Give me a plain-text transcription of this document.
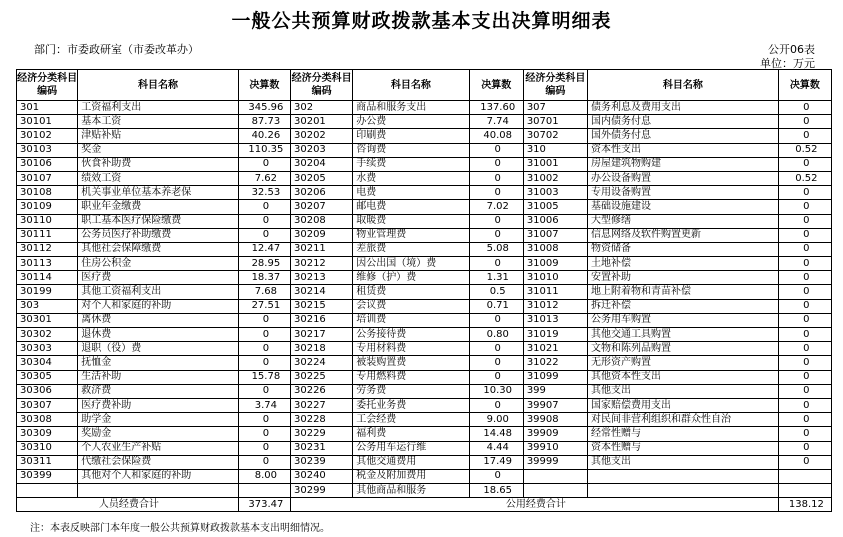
一般公共预算财政拨款基本支出决算明细表
部门：市委政研室（市委改革办）	公开06表
单位：万元
经济分类科目编码	科目名称	决算数	经济分类科目编码	科目名称	决算数	经济分类科目编码	科目名称	决算数
301	工资福利支出	345.96	302	商品和服务支出	137.60	307	债务利息及费用支出	0
30101	基本工资	87.73	30201	办公费	7.74	30701	国内债务付息	0
30102	津贴补贴	40.26	30202	印刷费	40.08	30702	国外债务付息	0
30103	奖金	110.35	30203	咨询费	0	310	资本性支出	0.52
30106	伙食补助费	0	30204	手续费	0	31001	房屋建筑物购建	0
30107	绩效工资	7.62	30205	水费	0	31002	办公设备购置	0.52
30108	机关事业单位基本养老保	32.53	30206	电费	0	31003	专用设备购置	0
30109	职业年金缴费	0	30207	邮电费	7.02	31005	基础设施建设	0
30110	职工基本医疗保险缴费	0	30208	取暖费	0	31006	大型修缮	0
30111	公务员医疗补助缴费	0	30209	物业管理费	0	31007	信息网络及软件购置更新	0
30112	其他社会保障缴费	12.47	30211	差旅费	5.08	31008	物资储备	0
30113	住房公积金	28.95	30212	因公出国（境）费	0	31009	土地补偿	0
30114	医疗费	18.37	30213	维修（护）费	1.31	31010	安置补助	0
30199	其他工资福利支出	7.68	30214	租赁费	0.5	31011	地上附着物和青苗补偿	0
303	对个人和家庭的补助	27.51	30215	会议费	0.71	31012	拆迁补偿	0
30301	离休费	0	30216	培训费	0	31013	公务用车购置	0
30302	退休费	0	30217	公务接待费	0.80	31019	其他交通工具购置	0
30303	退职（役）费	0	30218	专用材料费	0	31021	文物和陈列品购置	0
30304	抚恤金	0	30224	被装购置费	0	31022	无形资产购置	0
30305	生活补助	15.78	30225	专用燃料费	0	31099	其他资本性支出	0
30306	救济费	0	30226	劳务费	10.30	399	其他支出	0
30307	医疗费补助	3.74	30227	委托业务费	0	39907	国家赔偿费用支出	0
30308	助学金	0	30228	工会经费	9.00	39908	对民间非营利组织和群众性自治	0
30309	奖励金	0	30229	福利费	14.48	39909	经常性赠与	0
30310	个人农业生产补贴	0	30231	公务用车运行维	4.44	39910	资本性赠与	0
30311	代缴社会保险费	0	30239	其他交通费用	17.49	39999	其他支出	0
30399	其他对个人和家庭的补助	8.00	30240	税金及附加费用	0			
			30299	其他商品和服务	18.65			
人员经费合计		373.47	公用经费合计					138.12
注：本表反映部门本年度一般公共预算财政拨款基本支出明细情况。
